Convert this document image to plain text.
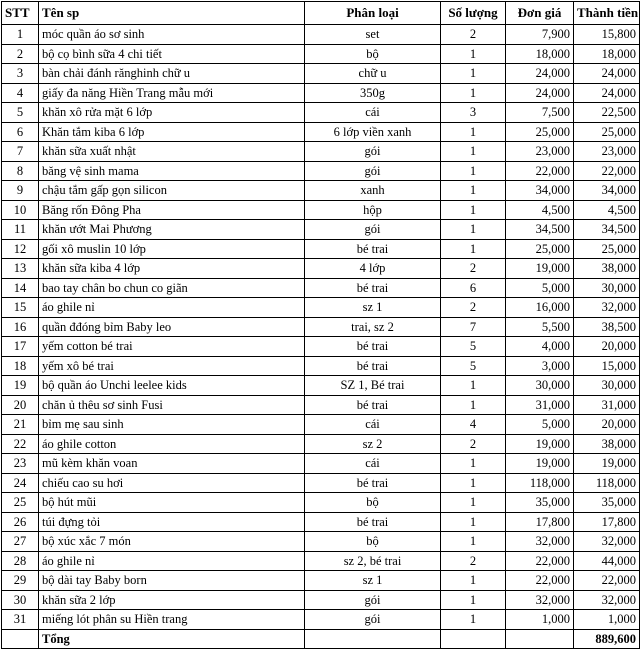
STT	Tên sp	Phân loại	Số lượng	Đơn giá	Thành tiền
1	móc quần áo sơ sinh	set	2	7,900	15,800
2	bộ cọ bình sữa 4 chi tiết	bộ	1	18,000	18,000
3	bàn chải đánh rănghinh chữ u	chữ u	1	24,000	24,000
4	giấy đa năng Hiền Trang mẫu mới	350g	1	24,000	24,000
5	khăn xô rửa mặt 6 lớp	cái	3	7,500	22,500
6	Khăn tắm kiba 6 lớp	6 lớp viền xanh	1	25,000	25,000
7	khăn sữa xuất nhật	gói	1	23,000	23,000
8	băng vệ sinh mama	gói	1	22,000	22,000
9	chậu tắm gấp gọn silicon	xanh	1	34,000	34,000
10	Băng rốn Đông Pha	hộp	1	4,500	4,500
11	khăn ướt Mai Phương	gói	1	34,500	34,500
12	gối xô muslin 10 lớp	bé trai	1	25,000	25,000
13	khăn sữa kiba 4 lớp	4 lớp	2	19,000	38,000
14	bao tay chân bo chun co giãn	bé trai	6	5,000	30,000
15	áo ghile nỉ	sz 1	2	16,000	32,000
16	quần đđóng bỉm Baby leo	trai, sz 2	7	5,500	38,500
17	yếm cotton bé trai	bé trai	5	4,000	20,000
18	yếm xô bé trai	bé trai	5	3,000	15,000
19	bộ quần áo Unchi leelee kids	SZ 1, Bé trai	1	30,000	30,000
20	chăn ủ thêu sơ sinh Fusi	bé trai	1	31,000	31,000
21	bỉm mẹ sau sinh	cái	4	5,000	20,000
22	áo ghile cotton	sz 2	2	19,000	38,000
23	mũ kèm khăn voan	cái	1	19,000	19,000
24	chiếu cao su hơi	bé trai	1	118,000	118,000
25	bộ hút mũi	bộ	1	35,000	35,000
26	túi đựng tỏi	bé trai	1	17,800	17,800
27	bộ xúc xắc 7 món	bộ	1	32,000	32,000
28	áo ghile nỉ	sz 2, bé trai	2	22,000	44,000
29	bộ dài tay Baby born	sz 1	1	22,000	22,000
30	khăn sữa 2 lớp	gói	1	32,000	32,000
31	miếng lót phân su Hiền trang	gói	1	1,000	1,000
	Tổng				889,600
